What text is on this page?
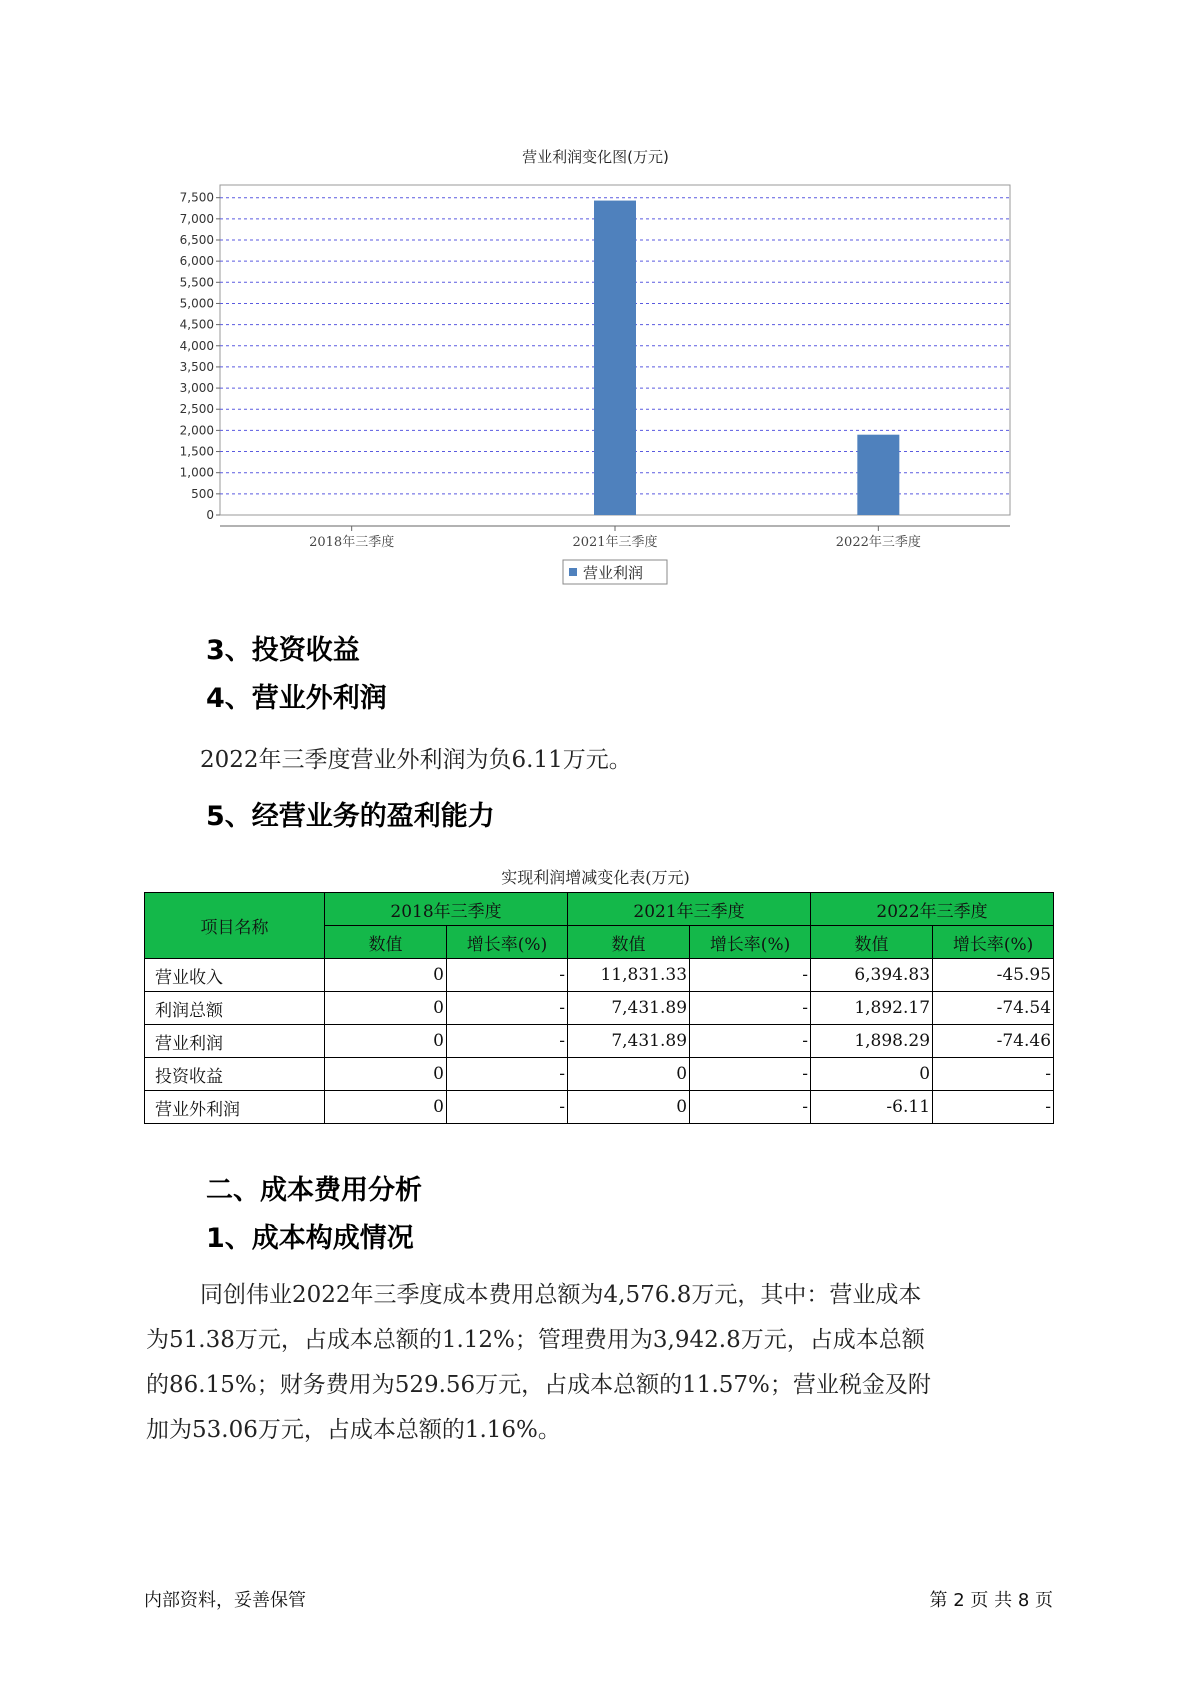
营业利润变化图(万元)
0
500
1,000
1,500
2,000
2,500
3,000
3,500
4,000
4,500
5,000
5,500
6,000
6,500
7,000
7,500
2018年三季度	2021年三季度	2022年三季度
营业利润
3、投资收益
4、营业外利润
2022年三季度营业外利润为负6.11万元。
5、经营业务的盈利能力
实现利润增减变化表(万元)
项目名称	2018年三季度		2021年三季度		2022年三季度	
	数值	增长率(%)	数值	增长率(%)	数值	增长率(%)
营业收入	0	-	11,831.33	-	6,394.83	-45.95
利润总额	0	-	7,431.89	-	1,892.17	-74.54
营业利润	0	-	7,431.89	-	1,898.29	-74.46
投资收益	0	-	0	-	0	-
营业外利润	0	-	0	-	-6.11	-
二、成本费用分析
1、成本构成情况
同创伟业2022年三季度成本费用总额为4,576.8万元，其中：营业成本
为51.38万元，占成本总额的1.12%；管理费用为3,942.8万元，占成本总额
的86.15%；财务费用为529.56万元，占成本总额的11.57%；营业税金及附
加为53.06万元，占成本总额的1.16%。
内部资料，妥善保管	第 2 页 共 8 页
